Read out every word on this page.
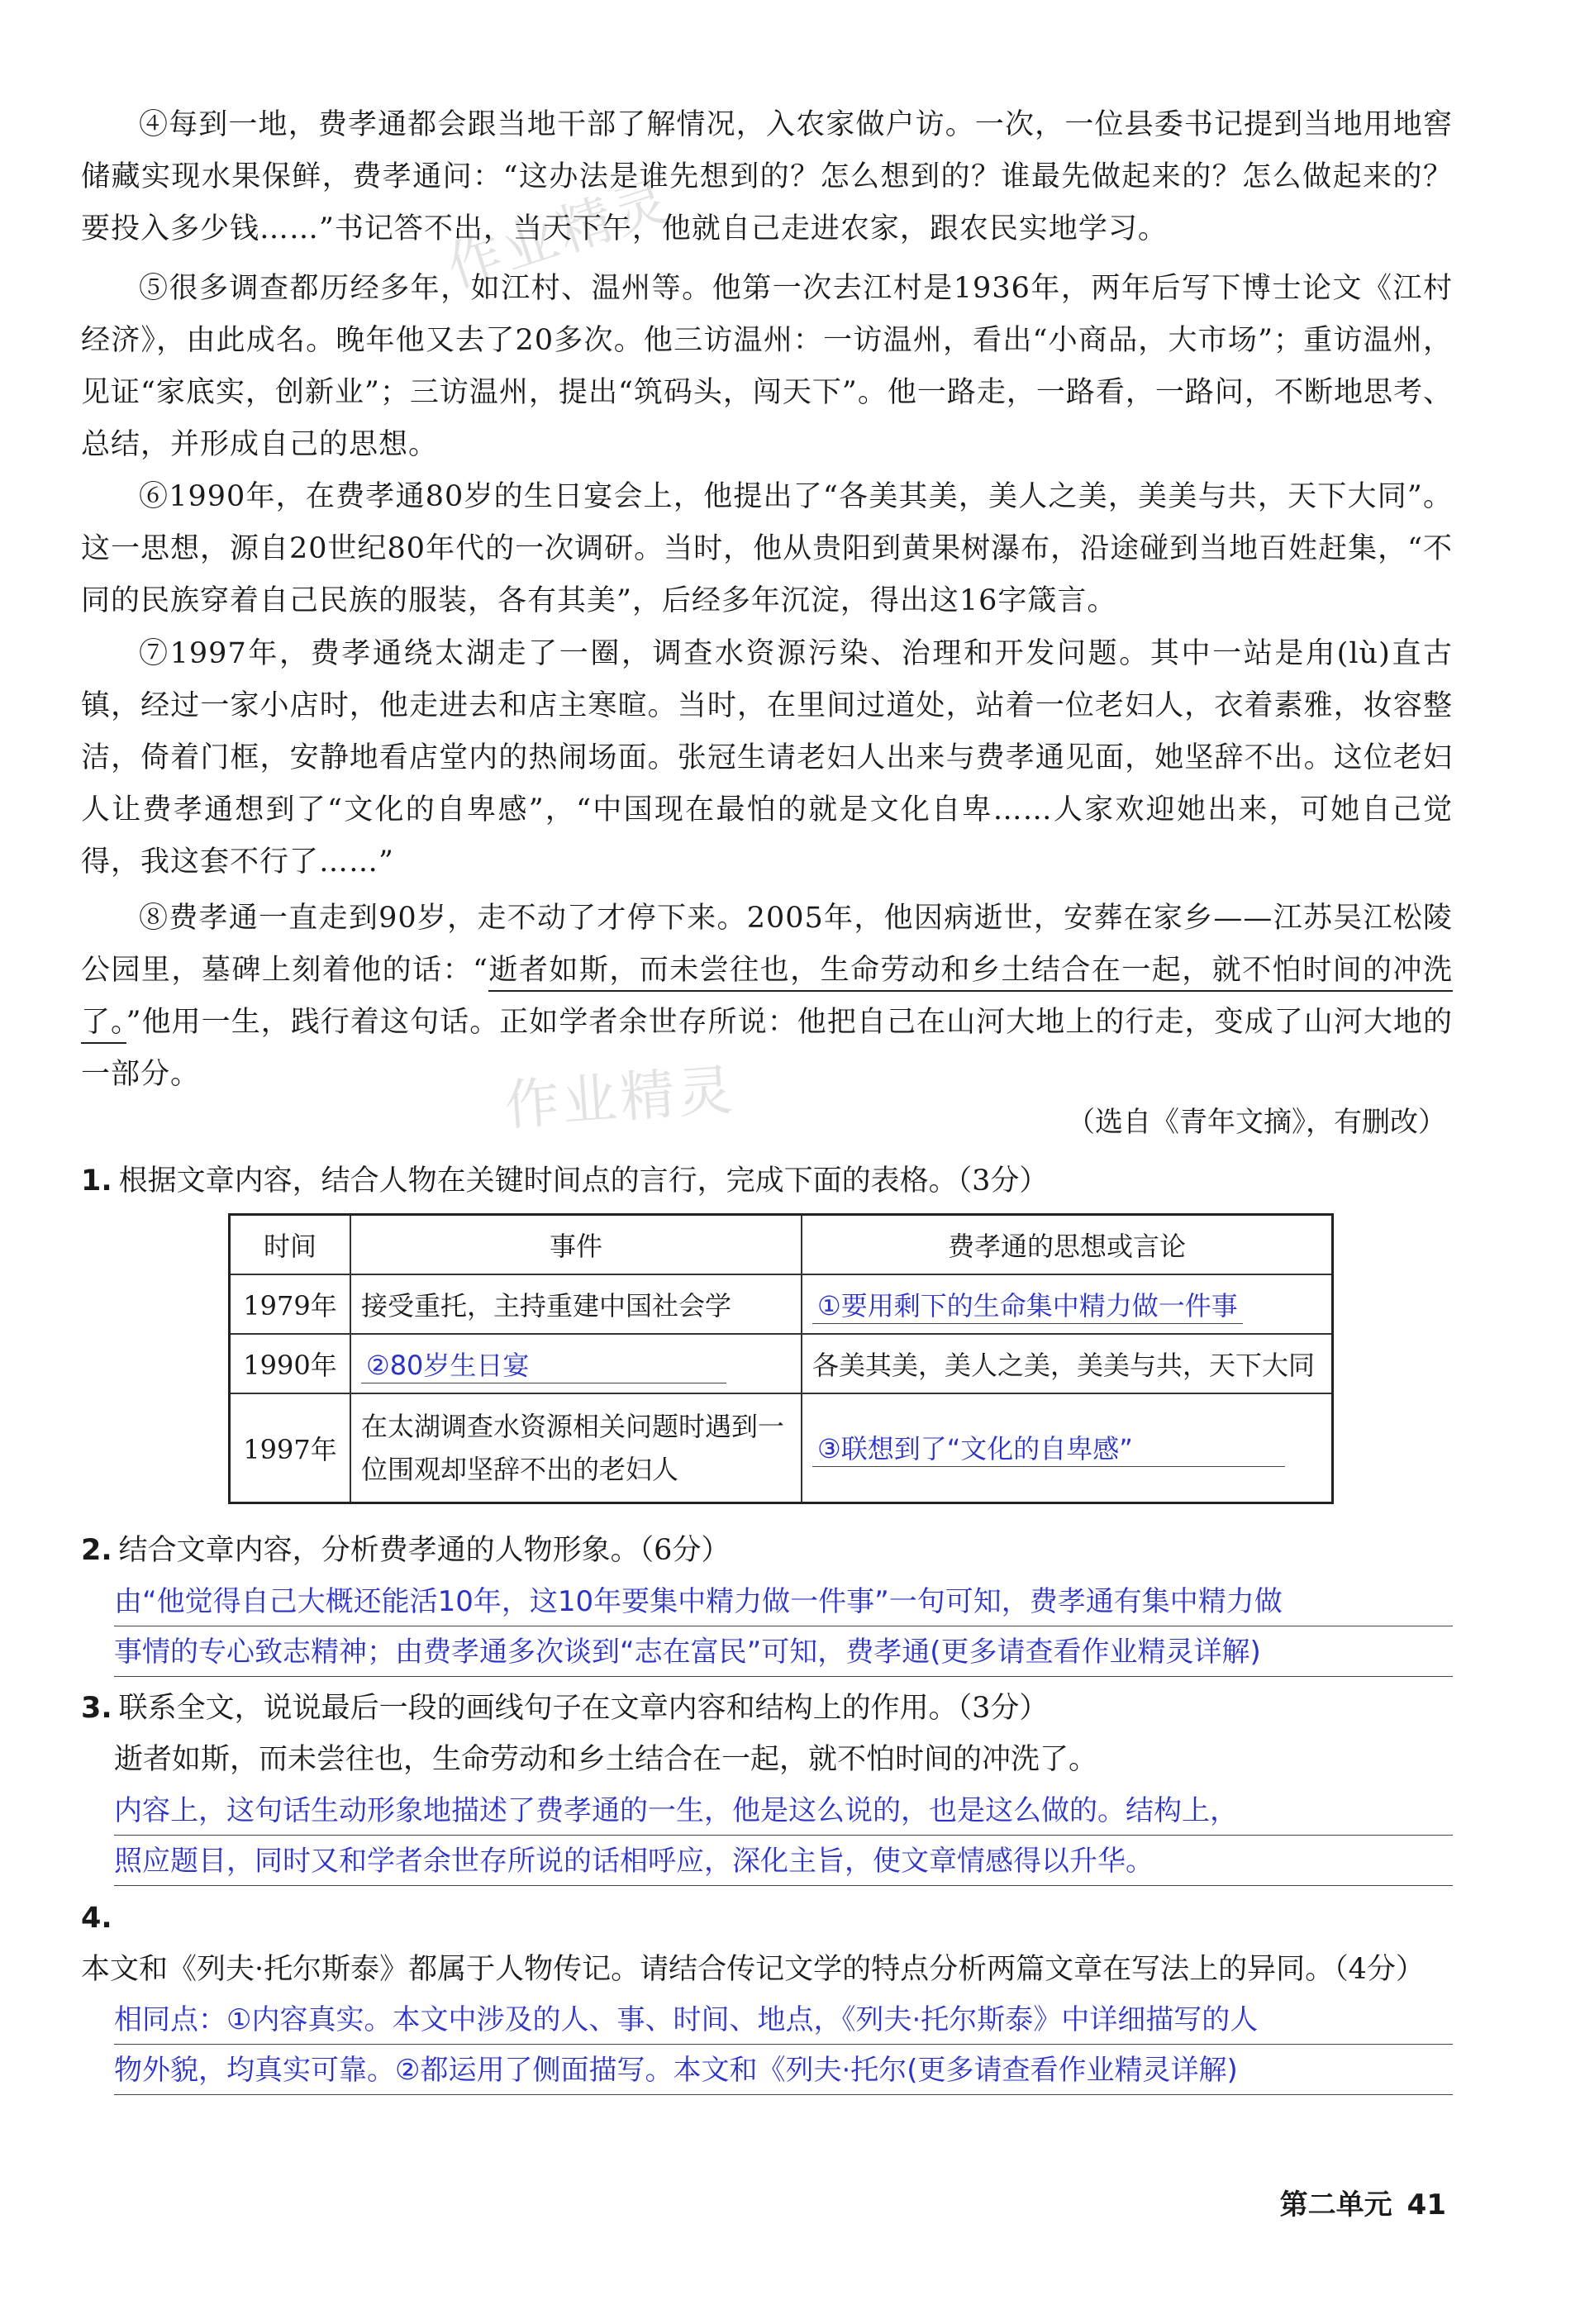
作业精灵
作业精灵

④每到一地，费孝通都会跟当地干部了解情况，入农家做户访。一次，一位县委书记提到当地用地窖储藏实现水果保鲜，费孝通问：“这办法是谁先想到的？怎么想到的？谁最先做起来的？怎么做起来的？要投入多少钱……”书记答不出，当天下午，他就自己走进农家，跟农民实地学习。

⑤很多调查都历经多年，如江村、温州等。他第一次去江村是1936年，两年后写下博士论文《江村经济》，由此成名。晚年他又去了20多次。他三访温州：一访温州，看出“小商品，大市场”；重访温州，见证“家底实，创新业”；三访温州，提出“筑码头，闯天下”。他一路走，一路看，一路问，不断地思考、总结，并形成自己的思想。

⑥1990年，在费孝通80岁的生日宴会上，他提出了“各美其美，美人之美，美美与共，天下大同”。这一思想，源自20世纪80年代的一次调研。当时，他从贵阳到黄果树瀑布，沿途碰到当地百姓赶集，“不同的民族穿着自己民族的服装，各有其美”，后经多年沉淀，得出这16字箴言。

⑦1997年，费孝通绕太湖走了一圈，调查水资源污染、治理和开发问题。其中一站是甪(lù)直古镇，经过一家小店时，他走进去和店主寒暄。当时，在里间过道处，站着一位老妇人，衣着素雅，妆容整洁，倚着门框，安静地看店堂内的热闹场面。张冠生请老妇人出来与费孝通见面，她坚辞不出。这位老妇人让费孝通想到了“文化的自卑感”，“中国现在最怕的就是文化自卑……人家欢迎她出来，可她自己觉得，我这套不行了……”

⑧费孝通一直走到90岁，走不动了才停下来。2005年，他因病逝世，安葬在家乡——江苏吴江松陵公园里，墓碑上刻着他的话：“逝者如斯，而未尝往也，生命劳动和乡土结合在一起，就不怕时间的冲洗了。”他用一生，践行着这句话。正如学者余世存所说：他把自己在山河大地上的行走，变成了山河大地的一部分。

（选自《青年文摘》，有删改）
1. 根据文章内容，结合人物在关键时间点的言行，完成下面的表格。（3分）
时间	事件	费孝通的思想或言论
1979年	接受重托，主持重建中国社会学	①要用剩下的生命集中精力做一件事
1990年	②80岁生日宴	各美其美，美人之美，美美与共，天下大同
1997年	在太湖调查水资源相关问题时遇到一位围观却坚辞不出的老妇人	③联想到了“文化的自卑感”
2. 结合文章内容，分析费孝通的人物形象。（6分）
由“他觉得自己大概还能活10年，这10年要集中精力做一件事”一句可知，费孝通有集中精力做
事情的专心致志精神；由费孝通多次谈到“志在富民”可知，费孝通(更多请查看作业精灵详解)
3. 联系全文，说说最后一段的画线句子在文章内容和结构上的作用。（3分）
逝者如斯，而未尝往也，生命劳动和乡土结合在一起，就不怕时间的冲洗了。
内容上，这句话生动形象地描述了费孝通的一生，他是这么说的，也是这么做的。结构上，
照应题目，同时又和学者余世存所说的话相呼应，深化主旨，使文章情感得以升华。
4.本文和《列夫·托尔斯泰》都属于人物传记。请结合传记文学的特点分析两篇文章在写法上的异同。（4分）
相同点：①内容真实。本文中涉及的人、事、时间、地点，《列夫·托尔斯泰》中详细描写的人
物外貌，均真实可靠。②都运用了侧面描写。本文和《列夫·托尔(更多请查看作业精灵详解)
第二单元 41
